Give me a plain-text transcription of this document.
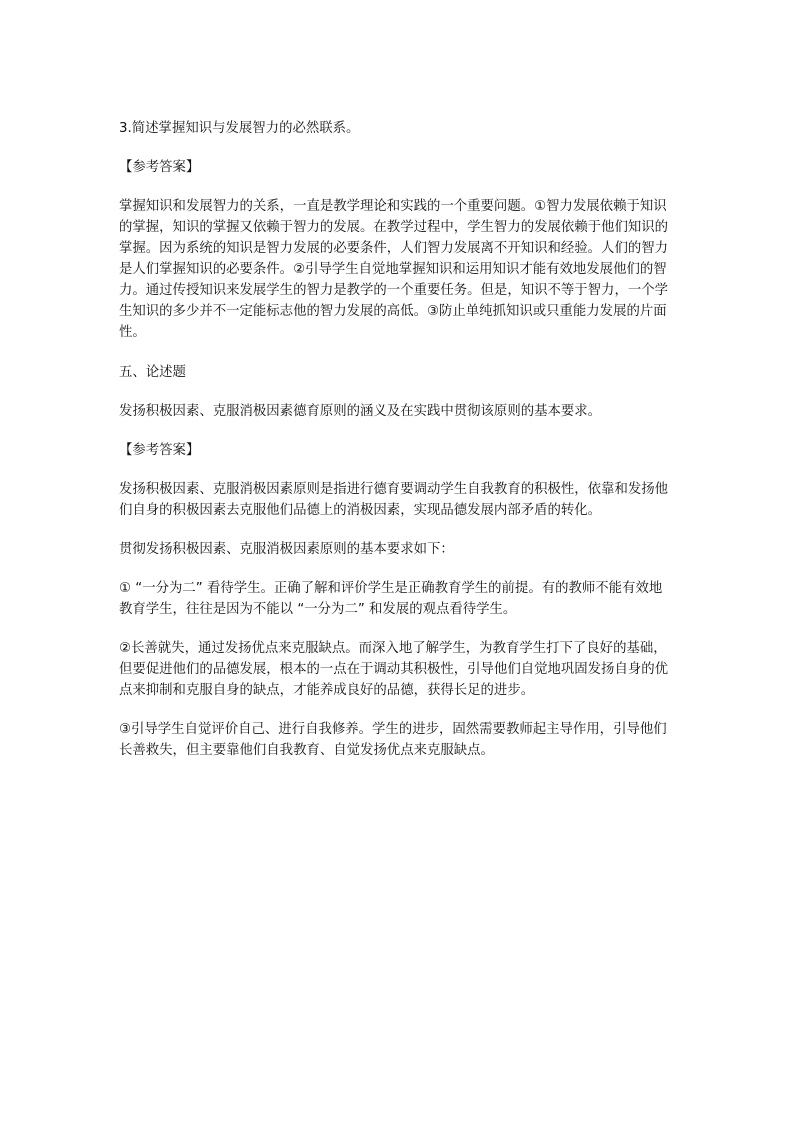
3.简述掌握知识与发展智力的必然联系。

【参考答案】

掌握知识和发展智力的关系，一直是教学理论和实践的一个重要问题。①智力发展依赖于知识的掌握，知识的掌握又依赖于智力的发展。在教学过程中，学生智力的发展依赖于他们知识的掌握。因为系统的知识是智力发展的必要条件，人们智力发展离不开知识和经验。人们的智力是人们掌握知识的必要条件。②引导学生自觉地掌握知识和运用知识才能有效地发展他们的智力。通过传授知识来发展学生的智力是教学的一个重要任务。但是，知识不等于智力，一个学生知识的多少并不一定能标志他的智力发展的高低。③防止单纯抓知识或只重能力发展的片面性。

五、论述题

发扬积极因素、克服消极因素德育原则的涵义及在实践中贯彻该原则的基本要求。

【参考答案】

发扬积极因素、克服消极因素原则是指进行德育要调动学生自我教育的积极性，依靠和发扬他们自身的积极因素去克服他们品德上的消极因素，实现品德发展内部矛盾的转化。

贯彻发扬积极因素、克服消极因素原则的基本要求如下：

① “一分为二” 看待学生。正确了解和评价学生是正确教育学生的前提。有的教师不能有效地教育学生，往往是因为不能以 “一分为二” 和发展的观点看待学生。

②长善就失，通过发扬优点来克服缺点。而深入地了解学生，为教育学生打下了良好的基础，但要促进他们的品德发展，根本的一点在于调动其积极性，引导他们自觉地巩固发扬自身的优点来抑制和克服自身的缺点，才能养成良好的品德，获得长足的进步。

③引导学生自觉评价自己、进行自我修养。学生的进步，固然需要教师起主导作用，引导他们长善救失，但主要靠他们自我教育、自觉发扬优点来克服缺点。
